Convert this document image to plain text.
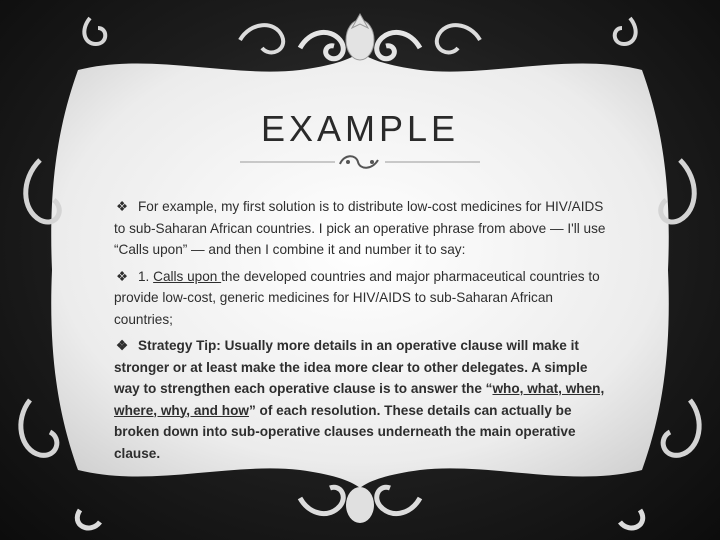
EXAMPLE

❖ For example, my first solution is to distribute low-cost medicines for HIV/AIDS to sub-Saharan African countries. I pick an operative phrase from above — I'll use “Calls upon” — and then I combine it and number it to say:

❖ 1. Calls upon the developed countries and major pharmaceutical countries to provide low-cost, generic medicines for HIV/AIDS to sub-Saharan African countries;

❖ Strategy Tip: Usually more details in an operative clause will make it stronger or at least make the idea more clear to other delegates. A simple way to strengthen each operative clause is to answer the “who, what, when, where, why, and how” of each resolution. These details can actually be broken down into sub-operative clauses underneath the main operative clause.
